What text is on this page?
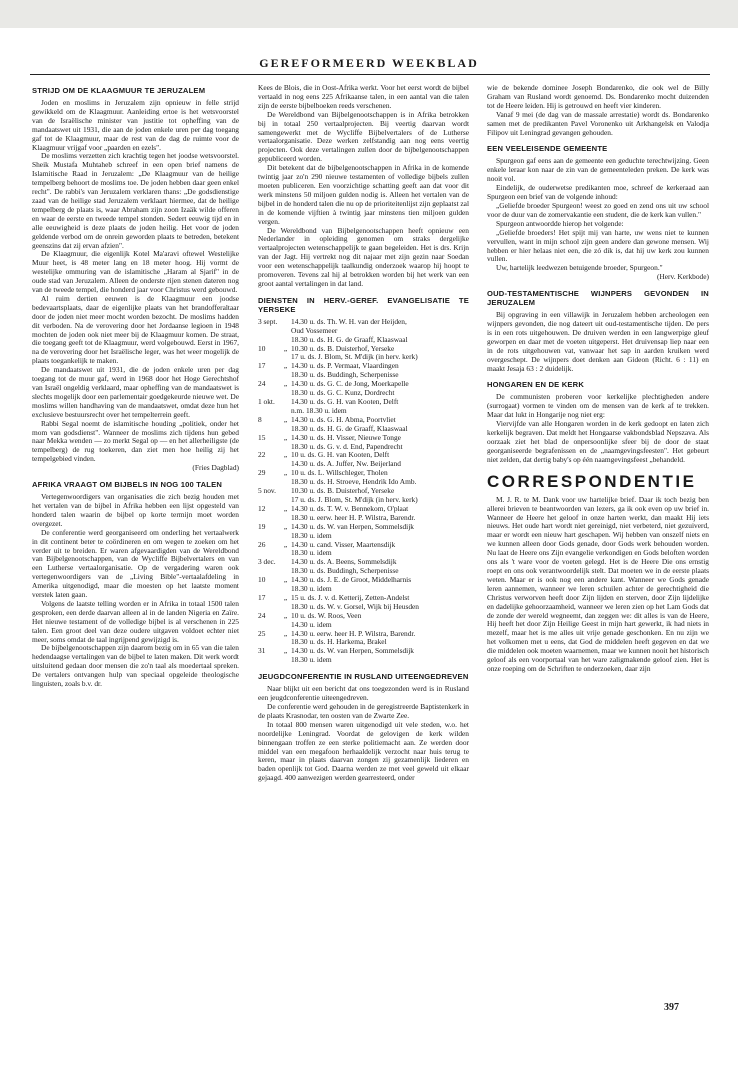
GEREFORMEERD WEEKBLAD
STRIJD OM DE KLAAGMUUR TE JERUZALEM

Joden en moslims in Jeruzalem zijn opnieuw in felle strijd gewikkeld om de Klaagmuur. Aanleiding ertoe is het wetsvoorstel van de Israëlische minister van justitie tot opheffing van de mandaatswet uit 1931, die aan de joden enkele uren per dag toegang gaf tot de Klaagmuur, maar de rest van de dag de ruimte voor de Klaagmuur vrijgaf voor „paarden en ezels".

De moslims verzetten zich krachtig tegen het joodse wetsvoorstel. Sheik Mustafa Muhtaheb schreef in een open brief namens de Islamitische Raad in Jeruzalem: „De Klaagmuur van de heilige tempelberg behoort de moslims toe. De joden hebben daar geen enkel recht". De rabbi's van Jeruzalem verklaren thans: „De godsdienstige zaad van de heilige stad Jeruzalem verklaart hiermee, dat de heilige tempelberg de plaats is, waar Abraham zijn zoon Izaäk wilde offeren en waar de eerste en tweede tempel stonden. Sedert eeuwig tijd en in alle eeuwigheid is deze plaats de joden heilig. Het voor de joden geldende verbod om de onrein geworden plaats te betreden, betekent geenszins dat zij ervan afzien".

De Klaagmuur, die eigenlijk Kotel Ma'aravi oftewel Westelijke Muur heet, is 48 meter lang en 18 meter hoog. Hij vormt de westelijke ommuring van de islamitische „Haram al Sjarif" in de oude stad van Jeruzalem. Alleen de onderste rijen stenen dateren nog van de tweede tempel, die honderd jaar voor Christus werd gebouwd.

Al ruim dertien eeuwen is de Klaagmuur een joodse bedevaartsplaats, daar de eigenlijke plaats van het brandofferaltaar door de joden niet meer mocht worden bezocht. De moslims hadden dit verboden. Na de verovering door het Jordaanse legioen in 1948 mochten de joden ook niet meer bij de Klaagmuur komen. De straat, die toegang geeft tot de Klaagmuur, werd volgebouwd. Eerst in 1967, na de verovering door het Israëlische leger, was het weer mogelijk de plaats toegankelijk te maken.

De mandaatswet uit 1931, die de joden enkele uren per dag toegang tot de muur gaf, werd in 1968 door het Hoge Gerechtshof van Israël ongeldig verklaard, maar opheffing van de mandaatswet is slechts mogelijk door een parlementair goedgekeurde nieuwe wet. De moslims willen handhaving van de mandaatswet, omdat deze hun het exclusieve bestuursrecht over het tempelterrein geeft.

Rabbi Segal noemt de islamitische houding „politiek, onder het mom van godsdienst". Wanneer de moslims zich tijdens hun gebed naar Mekka wenden — zo merkt Segal op — en het allerheiligste (de tempelberg) de rug toekeren, dan ziet men hoe heilig zij het tempelgebied vinden.

(Fries Dagblad)
AFRIKA VRAAGT OM BIJBELS IN NOG 100 TALEN

Vertegenwoordigers van organisaties die zich bezig houden met het vertalen van de bijbel in Afrika hebben een lijst opgesteld van honderd talen waarin de bijbel op korte termijn moet worden overgezet.

De conferentie werd georganiseerd om onderling het vertaalwerk in dit continent beter te coördineren en om wegen te zoeken om het verder uit te breiden. Er waren afgevaardigden van de Wereldbond van Bijbelgenootschappen, van de Wycliffe Bijbelvertalers en van een Lutherse vertaalorganisatie. Op de vergadering waren ook vertegenwoordigers van de „Living Bible"-vertaalafdeling in Amerika uitgenodigd, maar die moesten op het laatste moment verstek laten gaan.

Volgens de laatste telling worden er in Afrika in totaal 1500 talen gesproken, een derde daarvan alleen al in de landen Nigeria en Zaïre. Het nieuwe testament of de volledige bijbel is al verschenen in 225 talen. Een groot deel van deze oudere uitgaven voldoet echter niet meer, soms omdat de taal ingrijpend gewijzigd is.

De bijbelgenootschappen zijn daarom bezig om in 65 van die talen hedendaagse vertalingen van de bijbel te laten maken. Dit werk wordt uitsluitend gedaan door mensen die zo'n taal als moedertaal spreken. De vertalers ontvangen hulp van speciaal opgeleide theologische linguisten, zoals b.v. dr.

Kees de Blois, die in Oost-Afrika werkt. Voor het eerst wordt de bijbel vertaald in nog eens 225 Afrikaanse talen, in een aantal van die talen zijn de eerste bijbelboeken reeds verschenen.

De Wereldbond van Bijbelgenootschappen is in Afrika betrokken bij in totaal 250 vertaalprojecten. Bij veertig daarvan wordt samengewerkt met de Wycliffe Bijbelvertalers of de Lutherse vertaalorganisatie. Deze werken zelfstandig aan nog eens veertig projecten. Ook deze vertalingen zullen door de bijbelgenootschappen gepubliceerd worden.

Dit betekent dat de bijbelgenootschappen in Afrika in de komende twintig jaar zo'n 290 nieuwe testamenten of volledige bijbels zullen moeten publiceren. Een voorzichtige schatting geeft aan dat voor dit werk minstens 50 miljoen gulden nodig is. Alleen het vertalen van de bijbel in de honderd talen die nu op de prioriteitenlijst zijn geplaatst zal in de komende vijftien à twintig jaar minstens tien miljoen gulden vergen.

De Wereldbond van Bijbelgenootschappen heeft opnieuw een Nederlander in opleiding genomen om straks dergelijke vertaalprojecten wetenschappelijk te gaan begeleiden. Het is drs. Krijn van der Jagt. Hij vertrekt nog dit najaar met zijn gezin naar Soedan voor een wetenschappelijk taalkundig onderzoek waarop hij hoopt te promoveren. Tevens zal hij al betrokken worden bij het werk van een groot aantal vertalingen in dat land.

DIENSTEN IN HERV.-GEREF. EVANGELISATIE TE YERSEKE
3 sept.	14.30 u. ds. Th. W. H. van der Heijden,
Oud Vossemeer
18.30 u. ds. H. G. de Graaff, Klaaswaal
10	„ 10.30 u. ds. B. Duisterhof, Yerseke
17 u. ds. J. Blom, St. M'dijk (in herv. kerk)
17	„ 14.30 u. ds. P. Vermaat, Vlaardingen
18.30 u. ds. Buddingh, Scherpenisse
24	„ 14.30 u. ds. G. C. de Jong, Moerkapelle
18.30 u. ds. G. C. Kunz, Dordrecht
1 okt.	14.30 u. ds. G. H. van Kooten, Delft
n.m. 18.30 u. idem
8	„ 14.30 u. ds. G. H. Abma, Poortvliet
18.30 u. ds. H. G. de Graaff, Klaaswaal
15	„ 14.30 u. ds. H. Visser, Nieuwe Tonge
18.30 u. ds. G. v. d. End, Papendrecht
22	„ 10 u. ds. G. H. van Kooten, Delft
14.30 u. ds. A. Juffer, Nw. Beijerland
29	„ 10 u. ds. L. Willschleger, Tholen
18.30 u. ds. H. Stroeve, Hendrik Ido Amb.
5 nov.	10.30 u. ds. B. Duisterhof, Yerseke
17 u. ds. J. Blom, St. M'dijk (in herv. kerk)
12	„ 14.30 u. ds. T. W. v. Bennekom, O'plaat
18.30 u. eerw. heer H. P. Wilstra, Barendr.
19	„ 14.30 u. ds. W. van Herpen, Sommelsdijk
18.30 u. idem
26	„ 14.30 u. cand. Visser, Maartensdijk
18.30 u. idem
3 dec.	14.30 u. ds. A. Beens, Sommelsdijk
18.30 u. ds. Buddingh, Scherpenisse
10	„ 14.30 u. ds. J. E. de Groot, Middelharnis
18.30 u. idem
17	„ 15 u. ds. J. v. d. Ketterij, Zetten-Andelst
18.30 u. ds. W. v. Gorsel, Wijk bij Heusden
24	„ 10 u. ds. W. Roos, Veen
14.30 u. idem
25	„ 14.30 u. eerw. heer H. P. Wilstra, Barendr.
18.30 u. ds. H. Harkema, Brakel
31	„ 14.30 u. ds. W. van Herpen, Sommelsdijk
18.30 u. idem
JEUGDCONFERENTIE IN RUSLAND UITEENGEDREVEN

Naar blijkt uit een bericht dat ons toegezonden werd is in Rusland een jeugdconferentie uiteengedreven.

De conferentie werd gehouden in de geregistreerde Baptistenkerk in de plaats Krasnodar, ten oosten van de Zwarte Zee.

In totaal 800 mensen waren uitgenodigd uit vele steden, w.o. het noordelijke Leningrad. Voordat de gelovigen de kerk wilden binnengaan troffen ze een sterke politiemacht aan. Ze werden door middel van een megafoon herhaaldelijk verzocht naar huis terug te keren, maar in plaats daarvan zongen zij gezamenlijk liederen en baden openlijk tot God. Daarna werden ze met veel geweld uit elkaar gejaagd. 400 aanwezigen werden gearresteerd, onder

wie de bekende dominee Joseph Bondarenko, die ook wel de Billy Graham van Rusland wordt genoemd. Ds. Bondarenko mocht duizenden tot de Heere leiden. Hij is getrouwd en heeft vier kinderen.

Vanaf 9 mei (de dag van de massale arrestatie) wordt ds. Bondarenko samen met de predikanten Pavel Voronenko uit Arkhangelsk en Valodja Filipov uit Leningrad gevangen gehouden.

EEN VEELEISENDE GEMEENTE

Spurgeon gaf eens aan de gemeente een geduchte terechtwijzing. Geen enkele leraar kon naar de zin van de gemeenteleden preken. De kerk was nooit vol.

Eindelijk, de ouderwetse predikanten moe, schreef de kerkeraad aan Spurgeon een brief van de volgende inhoud:

„Geliefde broeder Spurgeon! weest zo goed en zend ons uit uw school voor de duur van de zomervakantie een student, die de kerk kan vullen."

Spurgeon antwoordde hierop het volgende:

„Geliefde broeders! Het spijt mij van harte, uw wens niet te kunnen vervullen, want in mijn school zijn geen andere dan gewone mensen. Wij hebben er hier helaas niet een, die zó dik is, dat hij uw kerk zou kunnen vullen.

Uw, hartelijk leedwezen betuigende broeder, Spurgeon."

(Herv. Kerkbode)
OUD-TESTAMENTISCHE WIJNPERS GEVONDEN IN JERUZALEM

Bij opgraving in een villawijk in Jeruzalem hebben archeologen een wijnpers gevonden, die nog dateert uit oud-testamentische tijden. De pers is in een rots uitgehouwen. De druiven werden in een langwerpige gleuf geworpen en daar met de voeten uitgeperst. Het druivensap liep naar een in de rots uitgehouwen vat, vanwaar het sap in aarden kruiken werd overgeschept. De wijnpers doet denken aan Gideon (Richt. 6 : 11) en maakt Jesaja 63 : 2 duidelijk.

HONGAREN EN DE KERK

De communisten proberen voor kerkelijke plechtigheden andere (surrogaat) vormen te vinden om de mensen van de kerk af te trekken. Maar dat lukt in Hongarije nog niet erg:

Viervijfde van alle Hongaren worden in de kerk gedoopt en laten zich kerkelijk begraven. Dat meldt het Hongaarse vakbondsblad Nepszava. Als oorzaak ziet het blad de onpersoonlijke sfeer bij de door de staat georganiseerde begrafenissen en de „naamgevingsfeesten". Het gebeurt niet zelden, dat dertig baby's op één naamgevingsfeest „behandeld.

CORRESPONDENTIE

M. J. R. te M. Dank voor uw hartelijke brief. Daar ik toch bezig ben allerei brieven te beantwoorden van lezers, ga ik ook even op uw brief in. Wanneer de Heere het geloof in onze harten werkt, dan maakt Hij iets nieuws. Het oude hart wordt niet gereinigd, niet verbeterd, niet gezuiverd, maar er wordt een nieuw hart geschapen. Wij hebben van onszelf niets en we kunnen alleen door Gods genade, door Gods werk behouden worden. Nu laat de Heere ons Zijn evangelie verkondigen en Gods beloften worden ons als 't ware voor de voeten gelegd. Het is de Heere Die ons ernstig roept en ons ook verantwoordelijk stelt. Dat moeten we in de eerste plaats weten. Maar er is ook nog een andere kant. Wanneer we Gods genade leren aannemen, wanneer we leren schuilen achter de gerechtigheid die Christus verworven heeft door Zijn lijden en sterven, door Zijn lijdelijke en dadelijke gehoorzaamheid, wanneer we leren zien op het Lam Gods dat de zonde der wereld wegneemt, dan zeggen we: dit alles is van de Heere, Hij heeft het door Zijn Heilige Geest in mijn hart gewerkt, ik had niets in mezelf, maar het is me alles uit vrije genade geschonken. En nu zijn we het volkomen met u eens, dat God de middelen heeft gegeven en dat we die middelen ook moeten waarnemen, maar we kunnen nooit het historisch geloof als een voorportaal van het ware zaligmakende geloof zien. Het is onze roeping om de Schriften te onderzoeken, daar zijn

397
